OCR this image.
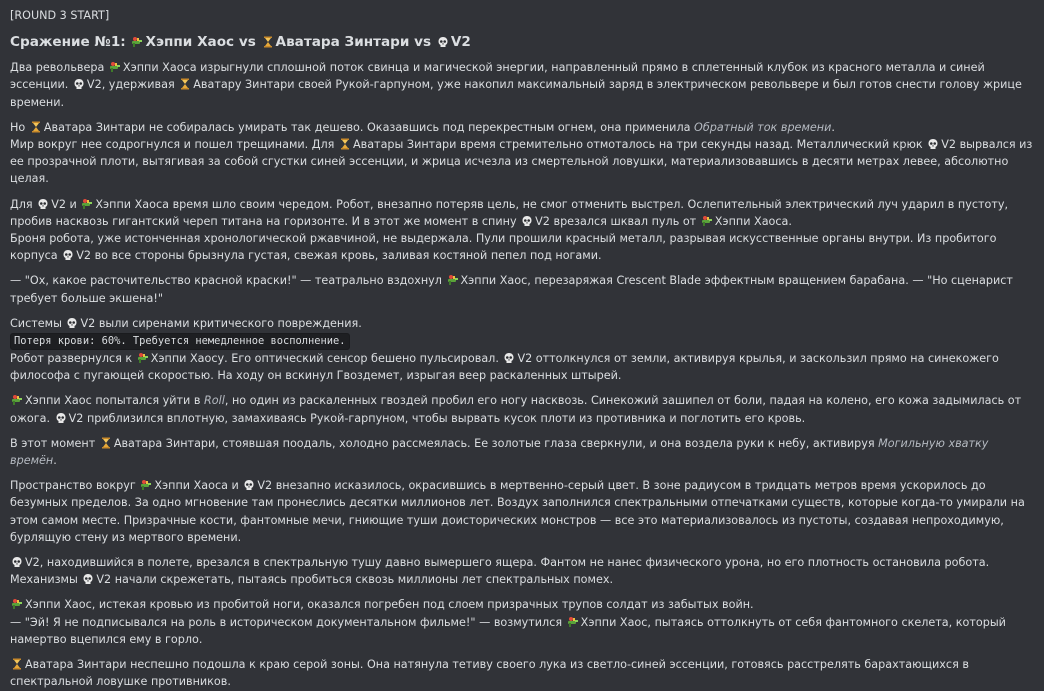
[ROUND 3 START]

Сражение №1: Хэппи Хаос vs Аватара Зинтари vs V2

Два револьвера Хэппи Хаоса изрыгнули сплошной поток свинца и магической энергии, направленный прямо в сплетенный клубок из красного металла и синей эссенции. V2, удерживая Аватару Зинтари своей Рукой-гарпуном, уже накопил максимальный заряд в электрическом револьвере и был готов снести голову жрице времени.

Но Аватара Зинтари не собиралась умирать так дешево. Оказавшись под перекрестным огнем, она применила Обратный ток времени.
Мир вокруг нее содрогнулся и пошел трещинами. Для Аватары Зинтари время стремительно отмоталось на три секунды назад. Металлический крюк V2 вырвался из ее прозрачной плоти, вытягивая за собой сгустки синей эссенции, и жрица исчезла из смертельной ловушки, материализовавшись в десяти метрах левее, абсолютно целая.

Для V2 и Хэппи Хаоса время шло своим чередом. Робот, внезапно потеряв цель, не смог отменить выстрел. Ослепительный электрический луч ударил в пустоту, пробив насквозь гигантский череп титана на горизонте. И в этот же момент в спину V2 врезался шквал пуль от Хэппи Хаоса.
Броня робота, уже истонченная хронологической ржавчиной, не выдержала. Пули прошили красный металл, разрывая искусственные органы внутри. Из пробитого корпуса V2 во все стороны брызнула густая, свежая кровь, заливая костяной пепел под ногами.

— "Ох, какое расточительство красной краски!" — театрально вздохнул Хэппи Хаос, перезаряжая Crescent Blade эффектным вращением барабана. — "Но сценарист требует больше экшена!"

Системы V2 выли сиренами критического повреждения.
Потеря крови: 60%. Требуется немедленное восполнение.
Робот развернулся к Хэппи Хаосу. Его оптический сенсор бешено пульсировал. V2 оттолкнулся от земли, активируя крылья, и заскользил прямо на синекожего философа с пугающей скоростью. На ходу он вскинул Гвоздемет, изрыгая веер раскаленных штырей.

Хэппи Хаос попытался уйти в Roll, но один из раскаленных гвоздей пробил его ногу насквозь. Синекожий зашипел от боли, падая на колено, его кожа задымилась от ожога. V2 приблизился вплотную, замахиваясь Рукой-гарпуном, чтобы вырвать кусок плоти из противника и поглотить его кровь.

В этот момент Аватара Зинтари, стоявшая поодаль, холодно рассмеялась. Ее золотые глаза сверкнули, и она воздела руки к небу, активируя Могильную хватку времён.

Пространство вокруг Хэппи Хаоса и V2 внезапно исказилось, окрасившись в мертвенно-серый цвет. В зоне радиусом в тридцать метров время ускорилось до безумных пределов. За одно мгновение там пронеслись десятки миллионов лет. Воздух заполнился спектральными отпечатками существ, которые когда-то умирали на этом самом месте. Призрачные кости, фантомные мечи, гниющие туши доисторических монстров — все это материализовалось из пустоты, создавая непроходимую, бурлящую стену из мертвого времени.

V2, находившийся в полете, врезался в спектральную тушу давно вымершего ящера. Фантом не нанес физического урона, но его плотность остановила робота. Механизмы V2 начали скрежетать, пытаясь пробиться сквозь миллионы лет спектральных помех.

Хэппи Хаос, истекая кровью из пробитой ноги, оказался погребен под слоем призрачных трупов солдат из забытых войн.
— "Эй! Я не подписывался на роль в историческом документальном фильме!" — возмутился Хэппи Хаос, пытаясь оттолкнуть от себя фантомного скелета, который намертво вцепился ему в горло.

Аватара Зинтари неспешно подошла к краю серой зоны. Она натянула тетиву своего лука из светло-синей эссенции, готовясь расстрелять барахтающихся в спектральной ловушке противников.
